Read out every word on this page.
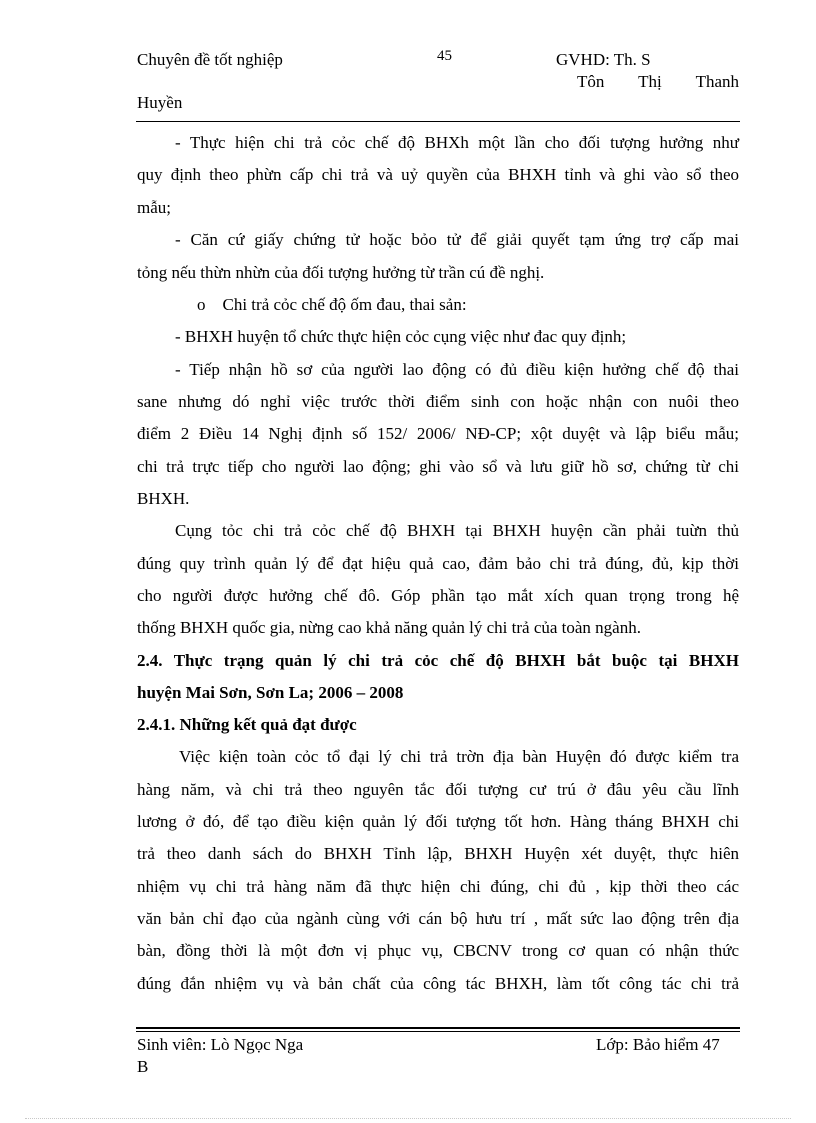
Chuyên đề tốt nghiệp	45	GVHD: Th. S
Tôn Thị Thanh
Huyền
- Thực hiện chi trả cỏc chế độ BHXh một lần cho đối tượng hưởng như
quy định theo phừn cấp chi trả và uỷ quyền của BHXH tỉnh và ghi vào sổ theo
mẫu;
- Căn cứ giấy chứng tử hoặc bỏo tử để giải quyết tạm ứng trợ cấp mai
tỏng nếu thừn nhừn của đối tượng hưởng từ trần cú đề nghị.
o    Chi trả cỏc chế độ ốm đau, thai sản:
- BHXH huyện tổ chức thực hiện cỏc cụng việc như đac quy định;
- Tiếp nhận hồ sơ của người lao động có đủ điều kiện hưởng chế độ thai
sane nhưng dó nghỉ việc trước thời điểm sinh con hoặc nhận con nuôi theo
điểm 2 Điều 14 Nghị định số 152/ 2006/ NĐ-CP; xột duyệt và lập biểu mẫu;
chi trả trực tiếp cho người lao động; ghi vào sổ và lưu giữ hồ sơ, chứng từ chi
BHXH.
Cụng tỏc chi trả cỏc chế độ BHXH tại BHXH huyện cần phải tuừn thủ
đúng quy trình quản lý để đạt hiệu quả cao, đảm bảo chi trả đúng, đủ, kịp thời
cho người được hưởng chế đô. Góp phần tạo mắt xích quan trọng trong hệ
thống BHXH quốc gia, nừng cao khả năng quản lý chi trả của toàn ngành.
2.4. Thực trạng quản lý chi trả cỏc chế độ BHXH bắt buộc tại BHXH
huyện Mai Sơn, Sơn La; 2006 – 2008
2.4.1. Những kết quả đạt được
Việc kiện toàn cỏc tổ đại lý chi trả trờn địa bàn Huyện đó được kiểm tra
hàng năm, và chi trả theo nguyên tắc đối tượng cư trú ở đâu yêu cầu lĩnh
lương ở đó, để tạo điều kiện quản lý đối tượng tốt hơn. Hàng tháng BHXH chi
trả theo danh sách do BHXH Tỉnh lập, BHXH Huyện xét duyệt, thực hiên
nhiệm vụ chi trả hàng năm đã thực hiện chi đúng, chi đủ , kịp thời theo các
văn bản chỉ đạo của ngành cùng với cán bộ hưu trí , mất sức lao động trên địa
bàn, đồng thời là một đơn vị phục vụ, CBCNV trong cơ quan có nhận thức
đúng đắn nhiệm vụ và bản chất của công tác BHXH, làm tốt công tác chi trả
Sinh viên: Lò Ngọc Nga
B
Lớp: Bảo hiểm 47
